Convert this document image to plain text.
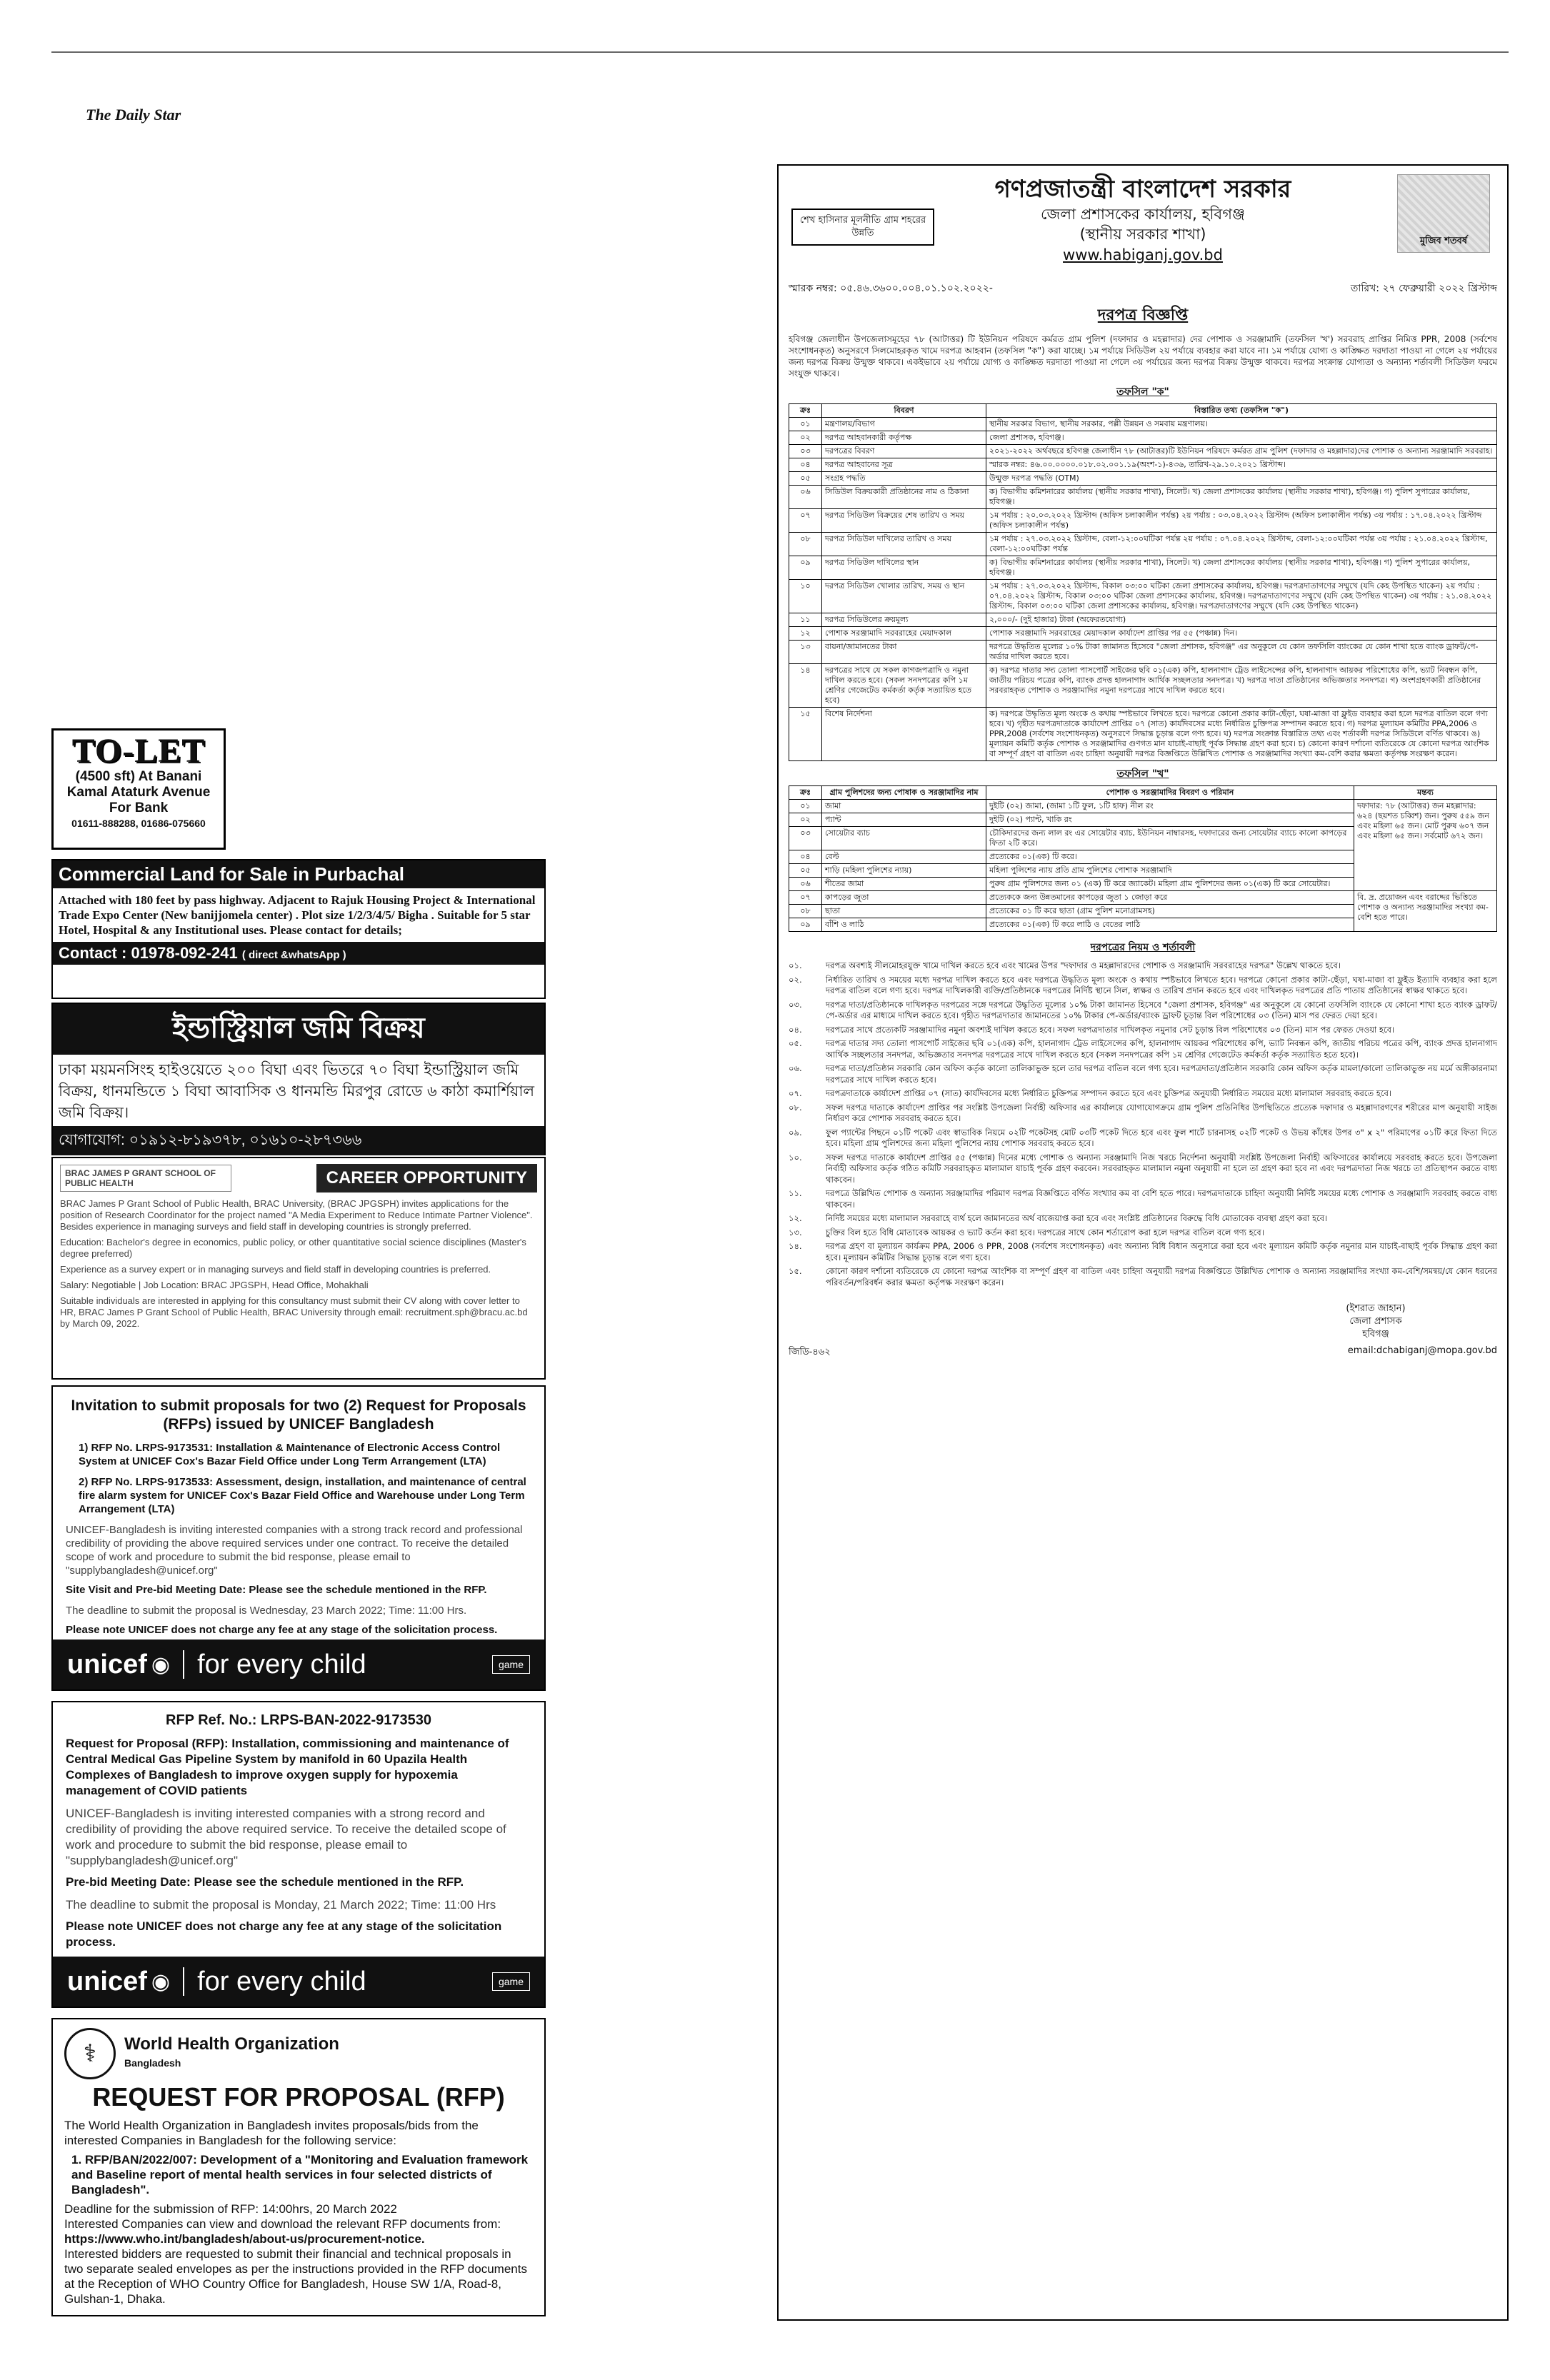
The Daily Star
TO-LET
(4500 sft) At Banani
Kamal Ataturk Avenue
For Bank
01611-888288, 01686-075660
Commercial Land for Sale in Purbachal
Attached with 180 feet by pass highway. Adjacent to Rajuk Housing Project & International Trade Expo Center (New banijjomela center) . Plot size 1/2/3/4/5/ Bigha . Suitable for 5 star Hotel, Hospital & any Institutional uses. Please contact for details;
Contact : 01978-092-241 ( direct &whatsApp )
ইন্ডাস্ট্রিয়াল জমি বিক্রয়
ঢাকা ময়মনসিংহ হাইওয়েতে ২০০ বিঘা এবং ভিতরে ৭০ বিঘা ইন্ডাস্ট্রিয়াল জমি বিক্রয়, ধানমন্ডিতে ১ বিঘা আবাসিক ও ধানমন্ডি মিরপুর রোডে ৬ কাঠা কমার্শিয়াল জমি বিক্রয়।
যোগাযোগ: ০১৯১২-৮১৯৩৭৮, ০১৬১০-২৮৭৩৬৬
BRAC JAMES P GRANT SCHOOL OF PUBLIC HEALTH	CAREER OPPORTUNITY

BRAC James P Grant School of Public Health, BRAC University, (BRAC JPGSPH) invites applications for the position of Research Coordinator for the project named "A Media Experiment to Reduce Intimate Partner Violence". Besides experience in managing surveys and field staff in developing countries is strongly preferred.

Education: Bachelor's degree in economics, public policy, or other quantitative social science disciplines (Master's degree preferred)

Experience as a survey expert or in managing surveys and field staff in developing countries is preferred.

Salary: Negotiable | Job Location: BRAC JPGSPH, Head Office, Mohakhali

Suitable individuals are interested in applying for this consultancy must submit their CV along with cover letter to HR, BRAC James P Grant School of Public Health, BRAC University through email: recruitment.sph@bracu.ac.bd by March 09, 2022.

Invitation to submit proposals for two (2) Request for Proposals (RFPs) issued by UNICEF Bangladesh
1) RFP No. LRPS-9173531: Installation & Maintenance of Electronic Access Control System at UNICEF Cox's Bazar Field Office under Long Term Arrangement (LTA)
2) RFP No. LRPS-9173533: Assessment, design, installation, and maintenance of central fire alarm system for UNICEF Cox's Bazar Field Office and Warehouse under Long Term Arrangement (LTA)
UNICEF-Bangladesh is inviting interested companies with a strong track record and professional credibility of providing the above required services under one contract. To receive the detailed scope of work and procedure to submit the bid response, please email to "supplybangladesh@unicef.org"
Site Visit and Pre-bid Meeting Date: Please see the schedule mentioned in the RFP.
The deadline to submit the proposal is Wednesday, 23 March 2022; Time: 11:00 Hrs.
Please note UNICEF does not charge any fee at any stage of the solicitation process.
unicef ◉ for every child	game
RFP Ref. No.: LRPS-BAN-2022-9173530
Request for Proposal (RFP): Installation, commissioning and maintenance of Central Medical Gas Pipeline System by manifold in 60 Upazila Health Complexes of Bangladesh to improve oxygen supply for hypoxemia management of COVID patients
UNICEF-Bangladesh is inviting interested companies with a strong record and credibility of providing the above required service. To receive the detailed scope of work and procedure to submit the bid response, please email to "supplybangladesh@unicef.org"
Pre-bid Meeting Date: Please see the schedule mentioned in the RFP.
The deadline to submit the proposal is Monday, 21 March 2022; Time: 11:00 Hrs
Please note UNICEF does not charge any fee at any stage of the solicitation process.
unicef ◉ for every child	game
⚕	World Health Organization
Bangladesh
REQUEST FOR PROPOSAL (RFP)
The World Health Organization in Bangladesh invites proposals/bids from the interested Companies in Bangladesh for the following service:
1. RFP/BAN/2022/007: Development of a "Monitoring and Evaluation framework and Baseline report of mental health services in four selected districts of Bangladesh".
Deadline for the submission of RFP: 14:00hrs, 20 March 2022
Interested Companies can view and download the relevant RFP documents from:
https://www.who.int/bangladesh/about-us/procurement-notice.
Interested bidders are requested to submit their financial and technical proposals in two separate sealed envelopes as per the instructions provided in the RFP documents at the Reception of WHO Country Office for Bangladesh, House SW 1/A, Road-8, Gulshan-1, Dhaka.
শেখ হাসিনার মূলনীতি গ্রাম শহরের উন্নতি
গণপ্রজাতন্ত্রী বাংলাদেশ সরকার
জেলা প্রশাসকের কার্যালয়, হবিগঞ্জ
(স্থানীয় সরকার শাখা)
www.habiganj.gov.bd
মুজিব শতবর্ষ
স্মারক নম্বর: ০৫.৪৬.৩৬০০.০০৪.০১.১০২.২০২২-	তারিখ: ২৭ ফেব্রুয়ারী ২০২২ খ্রিস্টাব্দ
দরপত্র বিজ্ঞপ্তি
হবিগঞ্জ জেলাধীন উপজেলাসমূহের ৭৮ (আটাত্তর) টি ইউনিয়ন পরিষদে কর্মরত গ্রাম পুলিশ (দফাদার ও মহল্লাদার) দের পোশাক ও সরঞ্জামাদি (তফসিল 'খ') সরবরাহ প্রাপ্তির নিমিত্ত PPR, 2008 (সর্বশেষ সংশোধনকৃত) অনুসরণে সিলমোহরকৃত খামে দরপত্র আহবান (তফসিল "ক") করা যাচ্ছে। ১ম পর্যায়ে সিডিউল ২য় পর্যায়ে ব্যবহার করা যাবে না। ১ম পর্যায়ে যোগ্য ও কাঙ্ক্ষিত দরদাতা পাওয়া না গেলে ২য় পর্যায়ের জন্য দরপত্র বিক্রয় উন্মুক্ত থাকবে। একইভাবে ২য় পর্যায়ে যোগ্য ও কাঙ্ক্ষিত দরদাতা পাওয়া না গেলে ৩য় পর্যায়ের জন্য দরপত্র বিক্রয় উন্মুক্ত থাকবে। দরপত্র সংক্রান্ত যোগ্যতা ও অন্যান্য শর্তাবলী সিডিউল ফরমে সংযুক্ত থাকবে।
তফসিল "ক"
ক্রঃ	বিবরণ	বিস্তারিত তথ্য (তফসিল "ক")
০১	মন্ত্রণালয়/বিভাগ	স্থানীয় সরকার বিভাগ, স্থানীয় সরকার, পল্লী উন্নয়ন ও সমবায় মন্ত্রণালয়।
০২	দরপত্র আহবানকারী কর্তৃপক্ষ	জেলা প্রশাসক, হবিগঞ্জ।
০৩	দরপত্রের বিবরণ	২০২১-২০২২ অর্থবছরে হবিগঞ্জ জেলাধীন ৭৮ (আটাত্তর)টি ইউনিয়ন পরিষদে কর্মরত গ্রাম পুলিশ (দফাদার ও মহল্লাদার)দের পোশাক ও অন্যান্য সরঞ্জামাদি সরবরাহ।
০৪	দরপত্র আহবানের সূত্র	স্মারক নম্বর: ৪৬.০০.০০০০.০১৮.০২.০০১.১৯(অংশ-১)-৪৩৬, তারিখ-২৯.১০.২০২১ খ্রিস্টাব্দ।
০৫	সংগ্রহ পদ্ধতি	উন্মুক্ত দরপত্র পদ্ধতি (OTM)
০৬	সিডিউল বিক্রয়কারী প্রতিষ্ঠানের নাম ও ঠিকানা	ক) বিভাগীয় কমিশনারের কার্যালয় (স্থানীয় সরকার শাখা), সিলেট। খ) জেলা প্রশাসকের কার্যালয় (স্থানীয় সরকার শাখা), হবিগঞ্জ। গ) পুলিশ সুপারের কার্যালয়, হবিগঞ্জ।
০৭	দরপত্র সিডিউল বিক্রয়ের শেষ তারিখ ও সময়	১ম পর্যায় : ২০.০৩.২০২২ খ্রিস্টাব্দ (অফিস চলাকালীন পর্যন্ত) ২য় পর্যায় : ০৩.০৪.২০২২ খ্রিস্টাব্দ (অফিস চলাকালীন পর্যন্ত) ৩য় পর্যায় : ১৭.০৪.২০২২ খ্রিস্টাব্দ (অফিস চলাকালীন পর্যন্ত)
০৮	দরপত্র সিডিউল দাখিলের তারিখ ও সময়	১ম পর্যায় : ২৭.০৩.২০২২ খ্রিস্টাব্দ, বেলা-১২:০০ঘটিকা পর্যন্ত ২য় পর্যায় : ০৭.০৪.২০২২ খ্রিস্টাব্দ, বেলা-১২:০০ঘটিকা পর্যন্ত ৩য় পর্যায় : ২১.০৪.২০২২ খ্রিস্টাব্দ, বেলা-১২:০০ঘটিকা পর্যন্ত
০৯	দরপত্র সিডিউল দাখিলের স্থান	ক) বিভাগীয় কমিশনারের কার্যালয় (স্থানীয় সরকার শাখা), সিলেট। খ) জেলা প্রশাসকের কার্যালয় (স্থানীয় সরকার শাখা), হবিগঞ্জ। গ) পুলিশ সুপারের কার্যালয়, হবিগঞ্জ।
১০	দরপত্র সিডিউল খোলার তারিখ, সময় ও স্থান	১ম পর্যায় : ২৭.০৩.২০২২ খ্রিস্টাব্দ, বিকাল ০৩:০০ ঘটিকা জেলা প্রশাসকের কার্যালয়, হবিগঞ্জ। দরপত্রদাতাগণের সম্মুখে (যদি কেহ উপস্থিত থাকেন) ২য় পর্যায় : ০৭.০৪.২০২২ খ্রিস্টাব্দ, বিকাল ০৩:০০ ঘটিকা জেলা প্রশাসকের কার্যালয়, হবিগঞ্জ। দরপত্রদাতাগণের সম্মুখে (যদি কেহ উপস্থিত থাকেন) ৩য় পর্যায় : ২১.০৪.২০২২ খ্রিস্টাব্দ, বিকাল ০৩:০০ ঘটিকা জেলা প্রশাসকের কার্যালয়, হবিগঞ্জ। দরপত্রদাতাগণের সম্মুখে (যদি কেহ উপস্থিত থাকেন)
১১	দরপত্র সিডিউলের ক্রয়মূল্য	২,০০০/- (দুই হাজার) টাকা (অফেরতযোগ্য)
১২	পোশাক সরঞ্জামাদি সরবরাহের মেয়াদকাল	পোশাক সরঞ্জামাদি সরবরাহের মেয়াদকাল কার্যাদেশ প্রাপ্তির পর ৫৫ (পঞ্চান্ন) দিন।
১৩	বায়না/জামানতের টাকা	দরপত্রে উদ্ধৃতিত মূল্যের ১০% টাকা জামানত হিসেবে "জেলা প্রশাসক, হবিগঞ্জ" এর অনুকূলে যে কোন তফসিলি ব্যাংকের যে কোন শাখা হতে ব্যাংক ড্রাফট/পে-অর্ডার দাখিল করতে হবে।
১৪	দরপত্রের সাথে যে সকল কাগজপত্রাদি ও নমুনা দাখিল করতে হবে। (সকল সনদপত্রের কপি ১ম শ্রেণির গেজেটেড কর্মকর্তা কর্তৃক সত্যায়িত হতে হবে)	ক) দরপত্র দাতার সদ্য তোলা পাসপোর্ট সাইজের ছবি ০১(এক) কপি, হালনাগাদ ট্রেড লাইসেন্সের কপি, হালনাগাদ আয়কর পরিশোধের কপি, ভ্যাট নিবন্ধন কপি, জাতীয় পরিচয় পত্রের কপি, ব্যাংক প্রদত্ত হালনাগাদ আর্থিক সচ্ছলতার সনদপত্র। খ) দরপত্র দাতা প্রতিষ্ঠানের অভিজ্ঞতার সনদপত্র। গ) অংশগ্রহণকারী প্রতিষ্ঠানের সরবরাহকৃত পোশাক ও সরঞ্জামাদির নমুনা দরপত্রের সাথে দাখিল করতে হবে।
১৫	বিশেষ নির্দেশনা	ক) দরপত্রে উদ্ধৃতিত মূল্য অংকে ও কথায় স্পষ্টভাবে লিখতে হবে। দরপত্রে কোনো প্রকার কাটা-ছেঁড়া, ঘষা-মাজা বা ফ্লুইড ব্যবহার করা হলে দরপত্র বাতিল বলে গণ্য হবে। খ) গৃহীত দরপত্রদাতাকে কার্যাদেশ প্রাপ্তির ০৭ (সাত) কার্যদিবসের মধ্যে নির্ধারিত চুক্তিপত্র সম্পাদন করতে হবে। গ) দরপত্র মূল্যায়ন কমিটির PPA,2006 ও PPR,2008 (সর্বশেষ সংশোধনকৃত) অনুসরণে সিদ্ধান্ত চূড়ান্ত বলে গণ্য হবে। ঘ) দরপত্র সংক্রান্ত বিস্তারিত তথ্য এবং শর্তাবলী দরপত্র সিডিউলে বর্ণিত থাকবে। ঙ) মূল্যায়ন কমিটি কর্তৃক পোশাক ও সরঞ্জামাদির গুণগত মান যাচাই-বাছাই পূর্বক সিদ্ধান্ত গ্রহণ করা হবে। চ) কোনো কারণ দর্শানো ব্যতিরেকে যে কোনো দরপত্র আংশিক বা সম্পূর্ণ গ্রহণ বা বাতিল এবং চাহিদা অনুযায়ী দরপত্র বিজ্ঞপ্তিতে উল্লিখিত পোশাক ও সরঞ্জামাদির সংখ্যা কম-বেশি করার ক্ষমতা কর্তৃপক্ষ সংরক্ষণ করেন।
তফসিল "খ"
ক্রঃ	গ্রাম পুলিশদের জন্য পোষাক ও সরঞ্জামাদির নাম	পোশাক ও সরঞ্জামাদির বিবরণ ও পরিমান	মন্তব্য
০১	জামা	দুইটি (০২) জামা, (জামা ১টি ফুল, ১টি হাফ) নীল রং	দফাদার: ৭৮ (আটাত্তর) জন মহল্লাদার: ৬২৪ (ছয়শত চব্বিশ) জন। পুরুষ ৫৫৯ জন এবং মহিলা ৬৫ জন। মোট পুরুষ ৬০৭ জন এবং মহিলা ৬৫ জন। সর্বমোট ৬৭২ জন।
০২	প্যান্ট	দুইটি (০২) প্যান্ট, খাকি রং	
০৩	সোয়েটার ব্যাচ	চৌকিদারদের জন্য লাল রং এর সোয়েটার ব্যাচ, ইউনিয়ন নাম্বারসহ, দফাদারের জন্য সোয়েটার ব্যাচে কালো কাপড়ের ফিতা ২টি করে।	
০৪	বেল্ট	প্রত্যেকের ০১(এক) টি করে।	
০৫	শাড়ি (মহিলা পুলিশের ন্যায়)	মহিলা পুলিশের ন্যায় প্রতি গ্রাম পুলিশের পোশাক সরঞ্জামাদি	
০৬	শীতের জামা	পুরুষ গ্রাম পুলিশদের জন্য ০১ (এক) টি করে জ্যাকেট। মহিলা গ্রাম পুলিশদের জন্য ০১(এক) টি করে সোয়েটার।	
০৭	কাপড়ের জুতা	প্রত্যেককে জন্য উন্নতমানের কাপড়ের জুতা ১ জোড়া করে	বি. দ্র. প্রয়োজন এবং বরাদ্দের ভিত্তিতে পোশাক ও অন্যান্য সরঞ্জামাদির সংখ্যা কম-বেশি হতে পারে।
০৮	ছাতা	প্রত্যেকের ০১ টি করে ছাতা (গ্রাম পুলিশ মনোগ্রামসহ)	
০৯	বাঁশি ও লাঠি	প্রত্যেকের ০১(এক) টি করে লাঠি ও বেতের লাঠি	
দরপত্রের নিয়ম ও শর্তাবলী
০১.	দরপত্র অবশ্যই সীলমোহরযুক্ত খামে দাখিল করতে হবে এবং খামের উপর "দফাদার ও মহল্লাদারদের পোশাক ও সরঞ্জামাদি সরবরাহের দরপত্র" উল্লেখ থাকতে হবে।
০২.	নির্ধারিত তারিখ ও সময়ের মধ্যে দরপত্র দাখিল করতে হবে এবং দরপত্রে উদ্ধৃতিত মূল্য অংকে ও কথায় স্পষ্টভাবে লিখতে হবে। দরপত্রে কোনো প্রকার কাটা-ছেঁড়া, ঘষা-মাজা বা ফ্লুইড ইত্যাদি ব্যবহার করা হলে দরপত্র বাতিল বলে গণ্য হবে। দরপত্র দাখিলকারী ব্যক্তি/প্রতিষ্ঠানকে দরপত্রের নির্দিষ্ট স্থানে সিল, স্বাক্ষর ও তারিখ প্রদান করতে হবে এবং দাখিলকৃত দরপত্রের প্রতি পাতায় প্রতিষ্ঠানের স্বাক্ষর থাকতে হবে।
০৩.	দরপত্র দাতা/প্রতিষ্ঠানকে দাখিলকৃত দরপত্রের সঙ্গে দরপত্রে উদ্ধৃতিত মূল্যের ১০% টাকা জামানত হিসেবে "জেলা প্রশাসক, হবিগঞ্জ" এর অনুকূলে যে কোনো তফসিলি ব্যাংকে যে কোনো শাখা হতে ব্যাংক ড্রাফট/পে-অর্ডার এর মাধ্যমে দাখিল করতে হবে। গৃহীত দরপত্রদাতার জামানতের ১০% টাকার পে-অর্ডার/ব্যাংক ড্রাফট চূড়ান্ত বিল পরিশোধের ০৩ (তিন) মাস পর ফেরত দেয়া হবে।
০৪.	দরপত্রের সাথে প্রত্যেকটি সরঞ্জামাদির নমুনা অবশ্যই দাখিল করতে হবে। সফল দরপত্রদাতার দাখিলকৃত নমুনার সেট চূড়ান্ত বিল পরিশোধের ০৩ (তিন) মাস পর ফেরত দেওয়া হবে।
০৫.	দরপত্র দাতার সদ্য তোলা পাসপোর্ট সাইজের ছবি ০১(এক) কপি, হালনাগাদ ট্রেড লাইসেন্সের কপি, হালনাগাদ আয়কর পরিশোধের কপি, ভ্যাট নিবন্ধন কপি, জাতীয় পরিচয় পত্রের কপি, ব্যাংক প্রদত্ত হালনাগাদ আর্থিক সচ্ছলতার সনদপত্র, অভিজ্ঞতার সনদপত্র দরপত্রের সাথে দাখিল করতে হবে (সকল সনদপত্রের কপি ১ম শ্রেণির গেজেটেড কর্মকর্তা কর্তৃক সত্যায়িত হতে হবে)।
০৬.	দরপত্র দাতা/প্রতিষ্ঠান সরকারি কোন অফিস কর্তৃক কালো তালিকাভুক্ত হলে তার দরপত্র বাতিল বলে গণ্য হবে। দরপত্রদাতা/প্রতিষ্ঠান সরকারি কোন অফিস কর্তৃক মামলা/কালো তালিকাভুক্ত নয় মর্মে অঙ্গীকারনামা দরপত্রের সাথে দাখিল করতে হবে।
০৭.	দরপত্রদাতাকে কার্যাদেশ প্রাপ্তির ০৭ (সাত) কার্যদিবসের মধ্যে নির্ধারিত চুক্তিপত্র সম্পাদন করতে হবে এবং চুক্তিপত্র অনুযায়ী নির্ধারিত সময়ের মধ্যে মালামাল সরবরাহ করতে হবে।
০৮.	সফল দরপত্র দাতাকে কার্যাদেশ প্রাপ্তির পর সংশ্লিষ্ট উপজেলা নির্বাহী অফিসার এর কার্যালয়ে যোগাযোগক্রমে গ্রাম পুলিশ প্রতিনিধির উপস্থিতিতে প্রত্যেক দফাদার ও মহল্লাদারগণের শরীরের মাপ অনুযায়ী সাইজ নির্ধারণ করে পোশাক সরবরাহ করতে হবে।
০৯.	ফুল প্যান্টের পিছনে ০১টি পকেট এবং স্বাভাবিক নিয়মে ০২টি পকেটসহ মোট ০৩টি পকেট দিতে হবে এবং ফুল শার্টে চারনাসহ ০২টি পকেট ও উভয় কাঁধের উপর ৩" x ২" পরিমাপের ০১টি করে ফিতা দিতে হবে। মহিলা গ্রাম পুলিশদের জন্য মহিলা পুলিশের ন্যায় পোশাক সরবরাহ করতে হবে।
১০.	সফল দরপত্র দাতাকে কার্যাদেশ প্রাপ্তির ৫৫ (পঞ্চান্ন) দিনের মধ্যে পোশাক ও অন্যান্য সরঞ্জামাদি নিজ খরচে নির্দেশনা অনুযায়ী সংশ্লিষ্ট উপজেলা নির্বাহী অফিসারের কার্যালয়ে সরবরাহ করতে হবে। উপজেলা নির্বাহী অফিসার কর্তৃক গঠিত কমিটি সরবরাহকৃত মালামাল যাচাই পূর্বক গ্রহণ করবেন। সরবরাহকৃত মালামাল নমুনা অনুযায়ী না হলে তা গ্রহণ করা হবে না এবং দরপত্রদাতা নিজ খরচে তা প্রতিস্থাপন করতে বাধ্য থাকবেন।
১১.	দরপত্রে উল্লিখিত পোশাক ও অন্যান্য সরঞ্জামাদির পরিমাণ দরপত্র বিজ্ঞপ্তিতে বর্ণিত সংখ্যার কম বা বেশি হতে পারে। দরপত্রদাতাকে চাহিদা অনুযায়ী নির্দিষ্ট সময়ের মধ্যে পোশাক ও সরঞ্জামাদি সরবরাহ করতে বাধ্য থাকবেন।
১২.	নির্দিষ্ট সময়ের মধ্যে মালামাল সরবরাহে ব্যর্থ হলে জামানতের অর্থ বাজেয়াপ্ত করা হবে এবং সংশ্লিষ্ট প্রতিষ্ঠানের বিরুদ্ধে বিধি মোতাবেক ব্যবস্থা গ্রহণ করা হবে।
১৩.	চুক্তির বিল হতে বিধি মোতাবেক আয়কর ও ভ্যাট কর্তন করা হবে। দরপত্রের সাথে কোন শর্তারোপ করা হলে দরপত্র বাতিল বলে গণ্য হবে।
১৪.	দরপত্র গ্রহণ বা মূল্যায়ন কার্যক্রম PPA, 2006 ও PPR, 2008 (সর্বশেষ সংশোধনকৃত) এবং অন্যান্য বিধি বিধান অনুসারে করা হবে এবং মূল্যায়ন কমিটি কর্তৃক নমুনার মান যাচাই-বাছাই পূর্বক সিদ্ধান্ত গ্রহণ করা হবে। মূল্যায়ন কমিটির সিদ্ধান্ত চূড়ান্ত বলে গণ্য হবে।
১৫.	কোনো কারণ দর্শানো ব্যতিরেকে যে কোনো দরপত্র আংশিক বা সম্পূর্ণ গ্রহণ বা বাতিল এবং চাহিদা অনুযায়ী দরপত্র বিজ্ঞপ্তিতে উল্লিখিত পোশাক ও অন্যান্য সরঞ্জামাদির সংখ্যা কম-বেশি/সমন্বয়/যে কোন ধরনের পরিবর্তন/পরিবর্ধন করার ক্ষমতা কর্তৃপক্ষ সংরক্ষণ করেন।
(ইশরাত জাহান)
জেলা প্রশাসক
হবিগঞ্জ
জিডি-৪৬২	email:dchabiganj@mopa.gov.bd
